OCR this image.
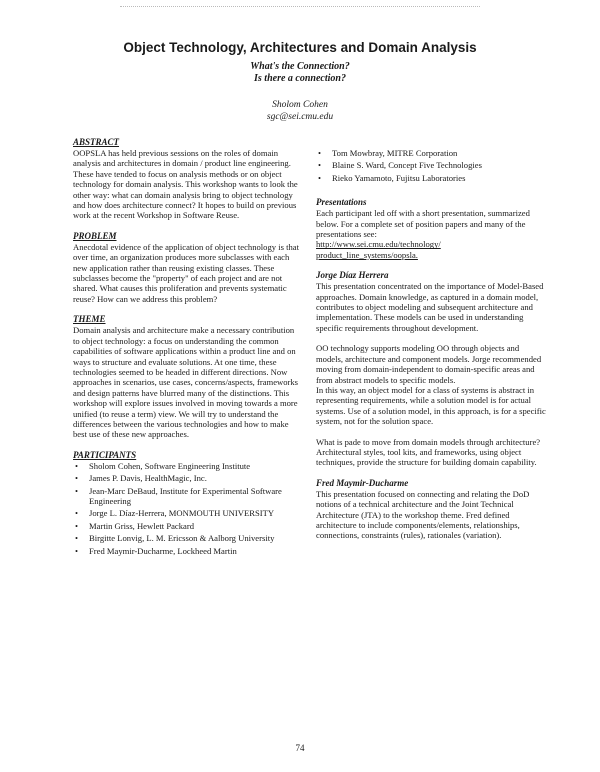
Object Technology, Architectures and Domain Analysis
What's the Connection?
Is there a connection?
Sholom Cohen
sgc@sei.cmu.edu
ABSTRACT

OOPSLA has held previous sessions on the roles of domain analysis and architectures in domain / product line engineering. These have tended to focus on analysis methods or on object technology for domain analysis. This workshop wants to look the other way: what can domain analysis bring to object technology and how does architecture connect? It hopes to build on previous work at the recent Workshop in Software Reuse.

PROBLEM

Anecdotal evidence of the application of object technology is that over time, an organization produces more subclasses with each new application rather than reusing existing classes. These subclasses become the "property" of each project and are not shared. What causes this proliferation and prevents systematic reuse? How can we address this problem?

THEME

Domain analysis and architecture make a necessary contribution to object technology: a focus on understanding the common capabilities of software applications within a product line and on ways to structure and evaluate solutions. At one time, these technologies seemed to be headed in different directions. Now approaches in scenarios, use cases, concerns/aspects, frameworks and design patterns have blurred many of the distinctions. This workshop will explore issues involved in moving towards a more unified (to reuse a term) view. We will try to understand the differences between the various technologies and how to make best use of these new approaches.

PARTICIPANTS
• Sholom Cohen, Software Engineering Institute
• James P. Davis, HealthMagic, Inc.
• Jean-Marc DeBaud, Institute for Experimental Software Engineering
• Jorge L. Díaz-Herrera, MONMOUTH UNIVERSITY
• Martin Griss, Hewlett Packard
• Birgitte Lonvig, L. M. Ericsson & Aalborg University
• Fred Maymir-Ducharme, Lockheed Martin
• Tom Mowbray, MITRE Corporation
• Blaine S. Ward, Concept Five Technologies
• Rieko Yamamoto, Fujitsu Laboratories
Presentations

Each participant led off with a short presentation, summarized below. For a complete set of position papers and many of the presentations see:
http://www.sei.cmu.edu/technology/
product_line_systems/oopsla.

Jorge Díaz Herrera

This presentation concentrated on the importance of Model-Based approaches. Domain knowledge, as captured in a domain model, contributes to object modeling and subsequent architecture and implementation. These models can be used in understanding specific requirements throughout development.

OO technology supports modeling OO through objects and models, architecture and component models. Jorge recommended moving from domain-independent to domain-specific areas and from abstract models to specific models.

In this way, an object model for a class of systems is abstract in representing requirements, while a solution model is for actual systems. Use of a solution model, in this approach, is for a specific system, not for the solution space.

What is pade to move from domain models through architecture? Architectural styles, tool kits, and frameworks, using object techniques, provide the structure for building domain capability.

Fred Maymir-Ducharme

This presentation focused on connecting and relating the DoD notions of a technical architecture and the Joint Technical Architecture (JTA) to the workshop theme. Fred defined architecture to include components/elements, relationships, connections, constraints (rules), rationales (variation).

74
